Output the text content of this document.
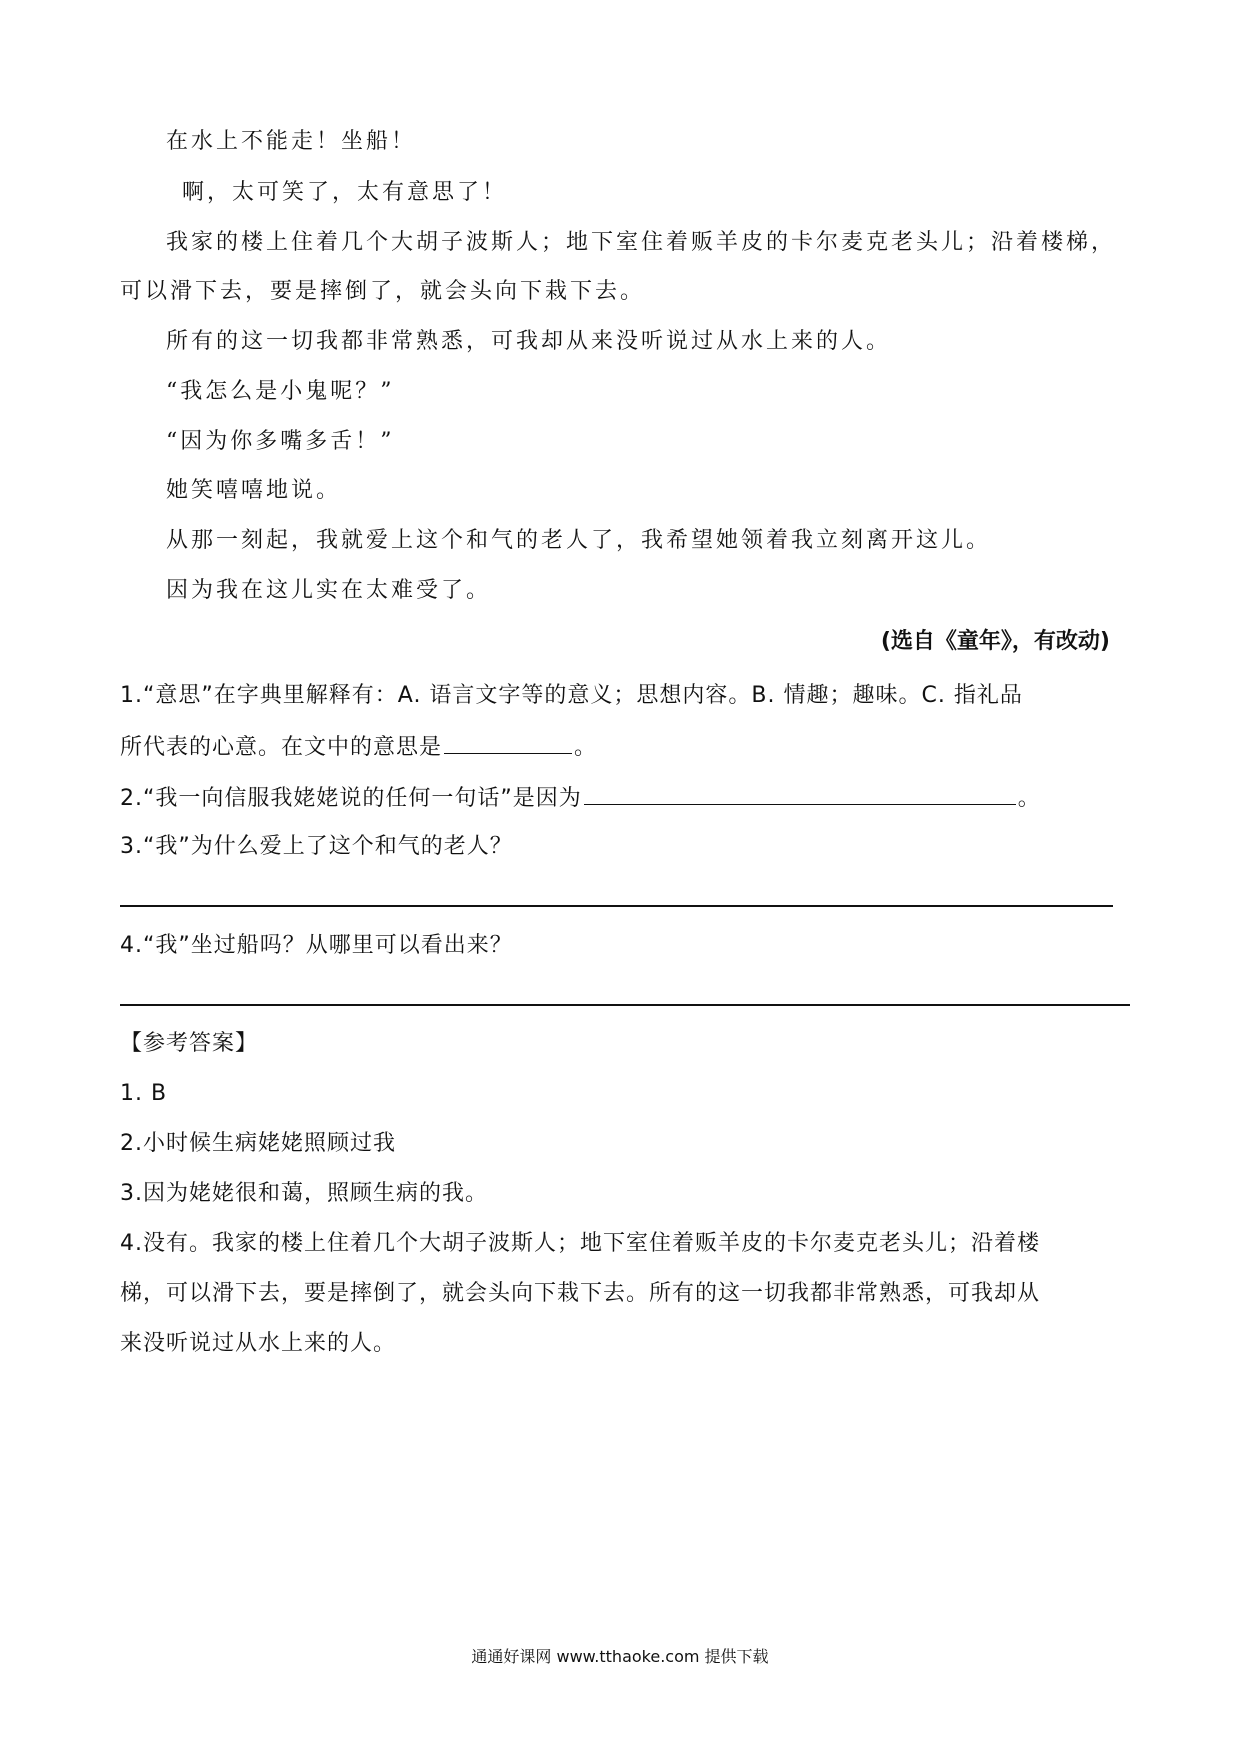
在水上不能走！坐船！
啊，太可笑了，太有意思了！
我家的楼上住着几个大胡子波斯人；地下室住着贩羊皮的卡尔麦克老头儿；沿着楼梯，
可以滑下去，要是摔倒了，就会头向下栽下去。
所有的这一切我都非常熟悉，可我却从来没听说过从水上来的人。
“我怎么是小鬼呢？”
“因为你多嘴多舌！”
她笑嘻嘻地说。
从那一刻起，我就爱上这个和气的老人了，我希望她领着我立刻离开这儿。
因为我在这儿实在太难受了。
(选自《童年》，有改动)
1.“意思”在字典里解释有：A. 语言文字等的意义；思想内容。B. 情趣；趣味。C. 指礼品
所代表的心意。在文中的意思是	。
2.“我一向信服我姥姥说的任何一句话”是因为	。
3.“我”为什么爱上了这个和气的老人？
4.“我”坐过船吗？从哪里可以看出来？
【参考答案】
1. B
2.小时候生病姥姥照顾过我
3.因为姥姥很和蔼，照顾生病的我。
4.没有。我家的楼上住着几个大胡子波斯人；地下室住着贩羊皮的卡尔麦克老头儿；沿着楼
梯，可以滑下去，要是摔倒了，就会头向下栽下去。所有的这一切我都非常熟悉，可我却从
来没听说过从水上来的人。
通通好课网 www.tthaoke.com 提供下载
